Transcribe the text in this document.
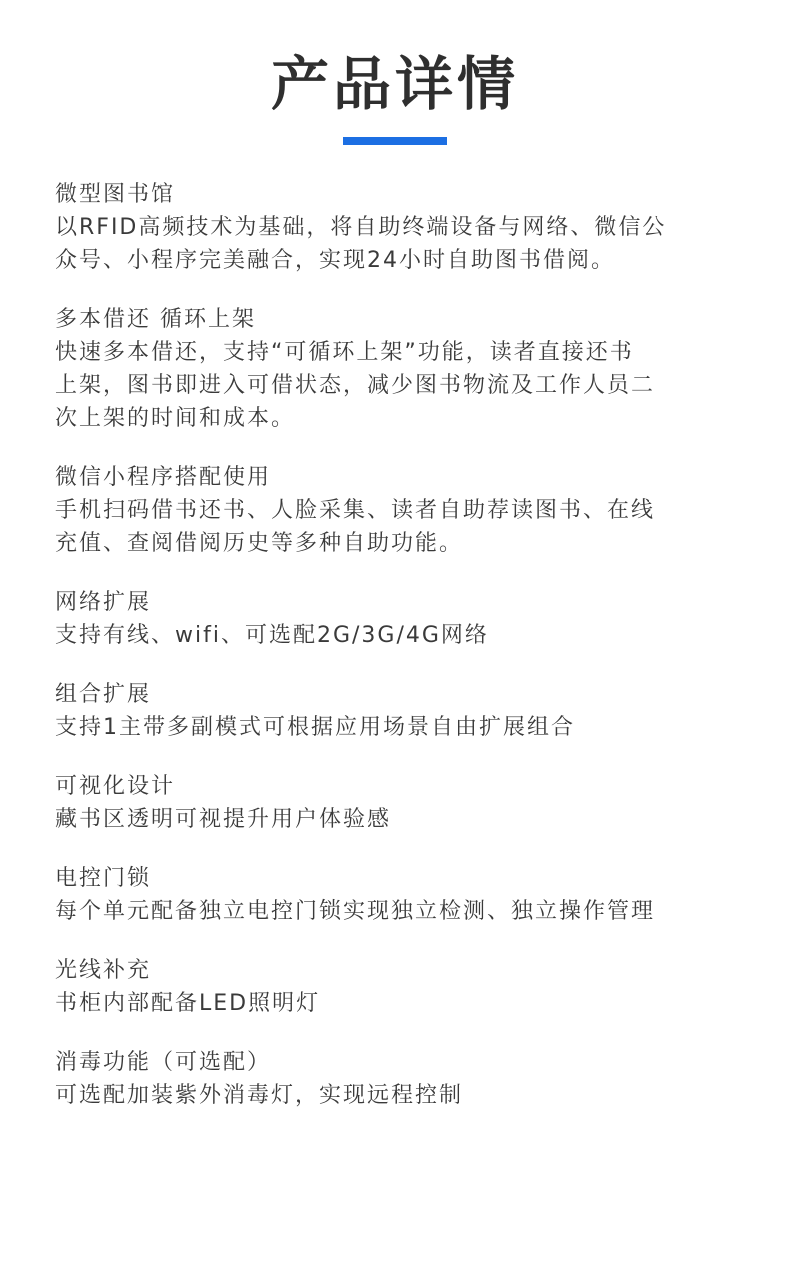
产品详情
微型图书馆
以RFID高频技术为基础，将自助终端设备与网络、微信公
众号、小程序完美融合，实现24小时自助图书借阅。
多本借还 循环上架
快速多本借还，支持“可循环上架”功能，读者直接还书
上架，图书即进入可借状态，减少图书物流及工作人员二
次上架的时间和成本。
微信小程序搭配使用
手机扫码借书还书、人脸采集、读者自助荐读图书、在线
充值、查阅借阅历史等多种自助功能。
网络扩展
支持有线、wifi、可选配2G/3G/4G网络
组合扩展
支持1主带多副模式可根据应用场景自由扩展组合
可视化设计
藏书区透明可视提升用户体验感
电控门锁
每个单元配备独立电控门锁实现独立检测、独立操作管理
光线补充
书柜内部配备LED照明灯
消毒功能（可选配）
可选配加装紫外消毒灯，实现远程控制
